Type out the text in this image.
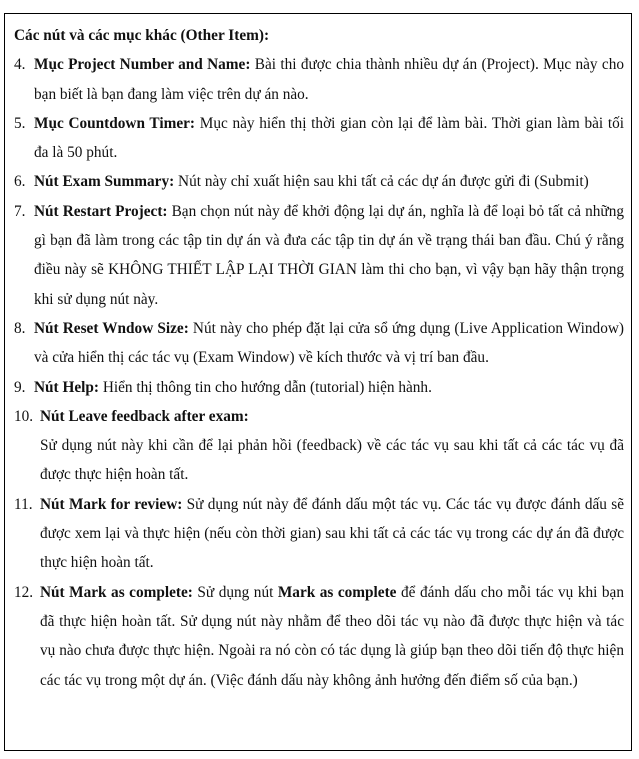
Các nút và các mục khác (Other Item):

4. Mục Project Number and Name: Bài thi được chia thành nhiều dự án (Project). Mục này cho bạn biết là bạn đang làm việc trên dự án nào.

5. Mục Countdown Timer: Mục này hiển thị thời gian còn lại để làm bài. Thời gian làm bài tối đa là 50 phút.

6. Nút Exam Summary: Nút này chỉ xuất hiện sau khi tất cả các dự án được gửi đi (Submit)

7. Nút Restart Project: Bạn chọn nút này để khởi động lại dự án, nghĩa là để loại bỏ tất cả những gì bạn đã làm trong các tập tin dự án và đưa các tập tin dự án về trạng thái ban đầu. Chú ý rằng điều này sẽ KHÔNG THIẾT LẬP LẠI THỜI GIAN làm thi cho bạn, vì vậy bạn hãy thận trọng khi sử dụng nút này.

8. Nút Reset Wndow Size: Nút này cho phép đặt lại cửa sổ ứng dụng (Live Application Window) và cửa hiển thị các tác vụ (Exam Window) về kích thước và vị trí ban đầu.

9. Nút Help: Hiển thị thông tin cho hướng dẫn (tutorial) hiện hành.

10. Nút Leave feedback after exam:
Sử dụng nút này khi cần để lại phản hồi (feedback) về các tác vụ sau khi tất cả các tác vụ đã được thực hiện hoàn tất.

11. Nút Mark for review: Sử dụng nút này để đánh dấu một tác vụ. Các tác vụ được đánh dấu sẽ được xem lại và thực hiện (nếu còn thời gian) sau khi tất cả các tác vụ trong các dự án đã được thực hiện hoàn tất.

12. Nút Mark as complete: Sử dụng nút Mark as complete để đánh dấu cho mỗi tác vụ khi bạn đã thực hiện hoàn tất. Sử dụng nút này nhằm để theo dõi tác vụ nào đã được thực hiện và tác vụ nào chưa được thực hiện. Ngoài ra nó còn có tác dụng là giúp bạn theo dõi tiến độ thực hiện các tác vụ trong một dự án. (Việc đánh dấu này không ảnh hưởng đến điểm số của bạn.)
